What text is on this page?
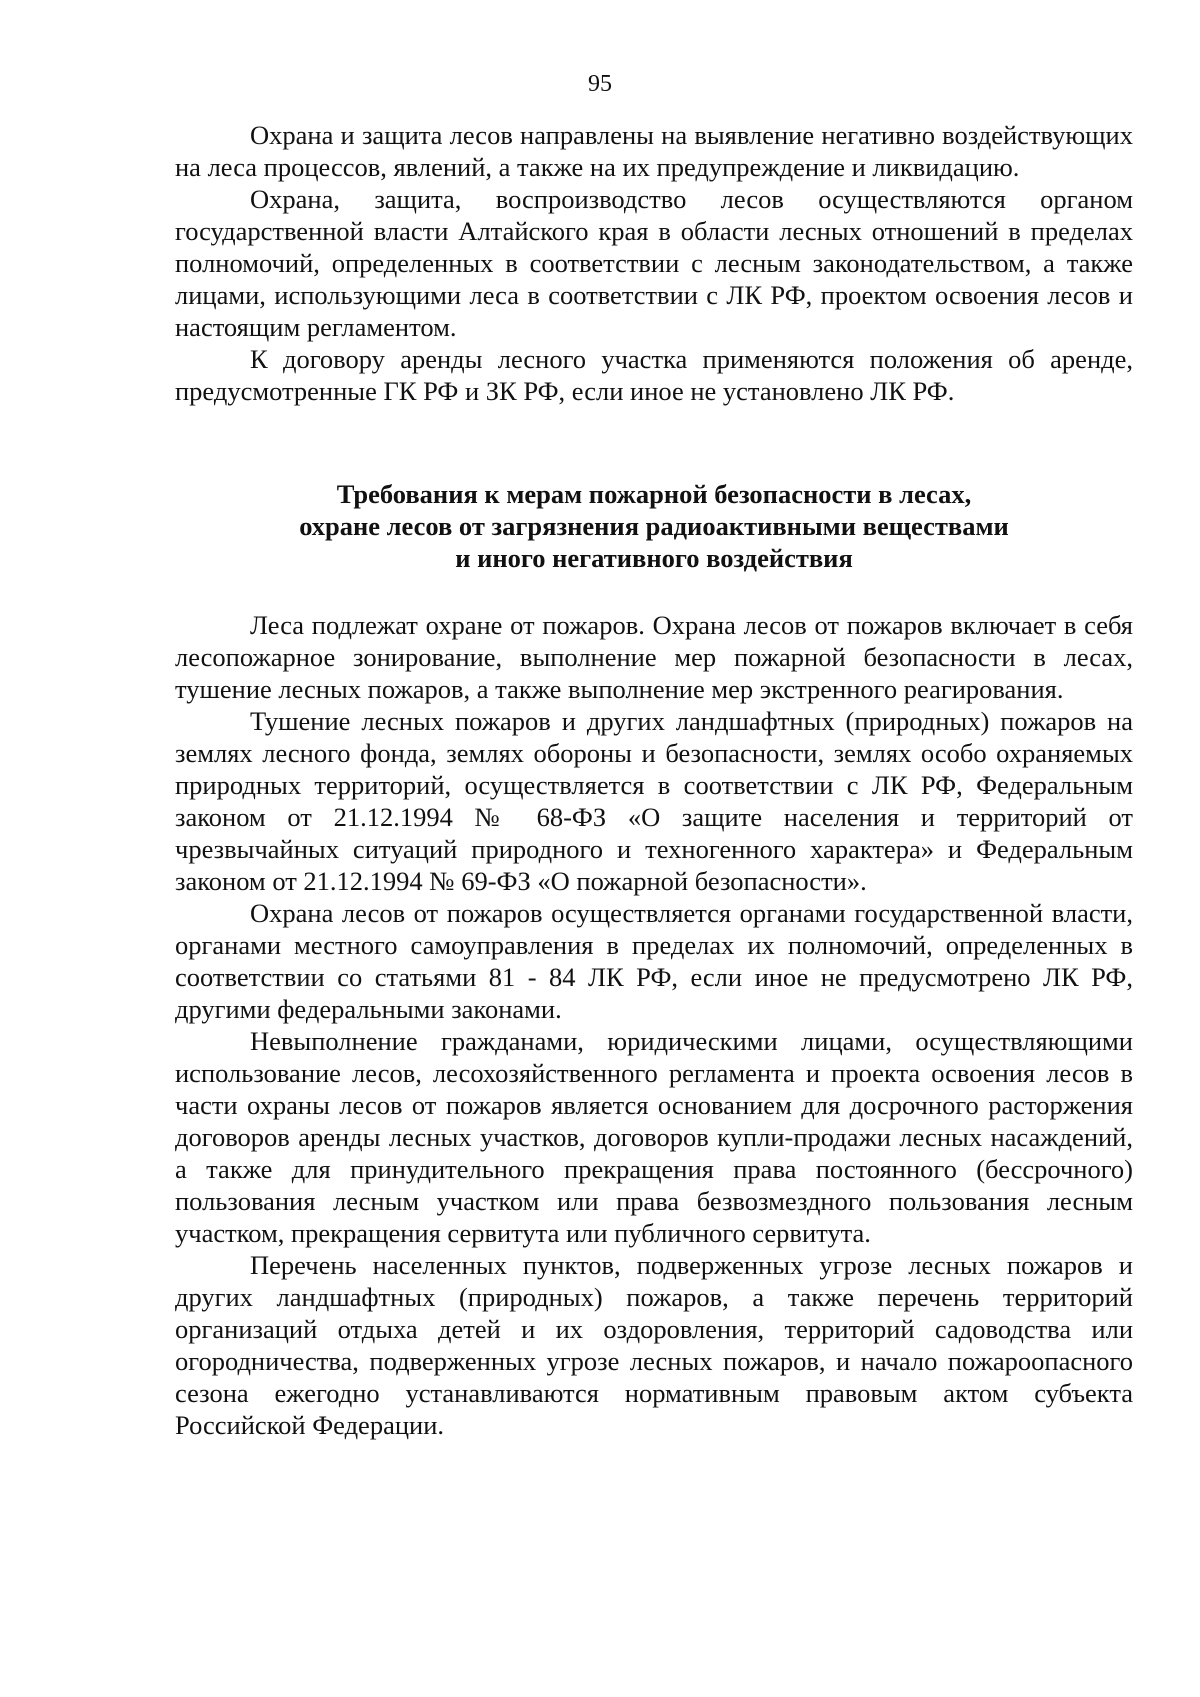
95

Охрана и защита лесов направлены на выявление негативно воздействующих на леса процессов, явлений, а также на их предупреждение и ликвидацию.

Охрана, защита, воспроизводство лесов осуществляются органом государственной власти Алтайского края в области лесных отношений в пределах полномочий, определенных в соответствии с лесным законодательством, а также лицами, использующими леса в соответствии с ЛК РФ, проектом освоения лесов и настоящим регламентом.

К договору аренды лесного участка применяются положения об аренде, предусмотренные ГК РФ и ЗК РФ, если иное не установлено ЛК РФ.

Требования к мерам пожарной безопасности в лесах,
охране лесов от загрязнения радиоактивными веществами
и иного негативного воздействия

Леса подлежат охране от пожаров. Охрана лесов от пожаров включает в себя лесопожарное зонирование, выполнение мер пожарной безопасности в лесах, тушение лесных пожаров, а также выполнение мер экстренного реагирования.

Тушение лесных пожаров и других ландшафтных (природных) пожаров на землях лесного фонда, землях обороны и безопасности, землях особо охраняемых природных территорий, осуществляется в соответствии с ЛК РФ, Федеральным законом от 21.12.1994 № 68-ФЗ «О защите населения и территорий от чрезвычайных ситуаций природного и техногенного характера» и Федеральным законом от 21.12.1994 № 69-ФЗ «О пожарной безопасности».

Охрана лесов от пожаров осуществляется органами государственной власти, органами местного самоуправления в пределах их полномочий, определенных в соответствии со статьями 81 - 84 ЛК РФ, если иное не предусмотрено ЛК РФ, другими федеральными законами.

Невыполнение гражданами, юридическими лицами, осуществляющими использование лесов, лесохозяйственного регламента и проекта освоения лесов в части охраны лесов от пожаров является основанием для досрочного расторжения договоров аренды лесных участков, договоров купли-продажи лесных насаждений, а также для принудительного прекращения права постоянного (бессрочного) пользования лесным участком или права безвозмездного пользования лесным участком, прекращения сервитута или публичного сервитута.

Перечень населенных пунктов, подверженных угрозе лесных пожаров и других ландшафтных (природных) пожаров, а также перечень территорий организаций отдыха детей и их оздоровления, территорий садоводства или огородничества, подверженных угрозе лесных пожаров, и начало пожароопасного сезона ежегодно устанавливаются нормативным правовым актом субъекта Российской Федерации.
